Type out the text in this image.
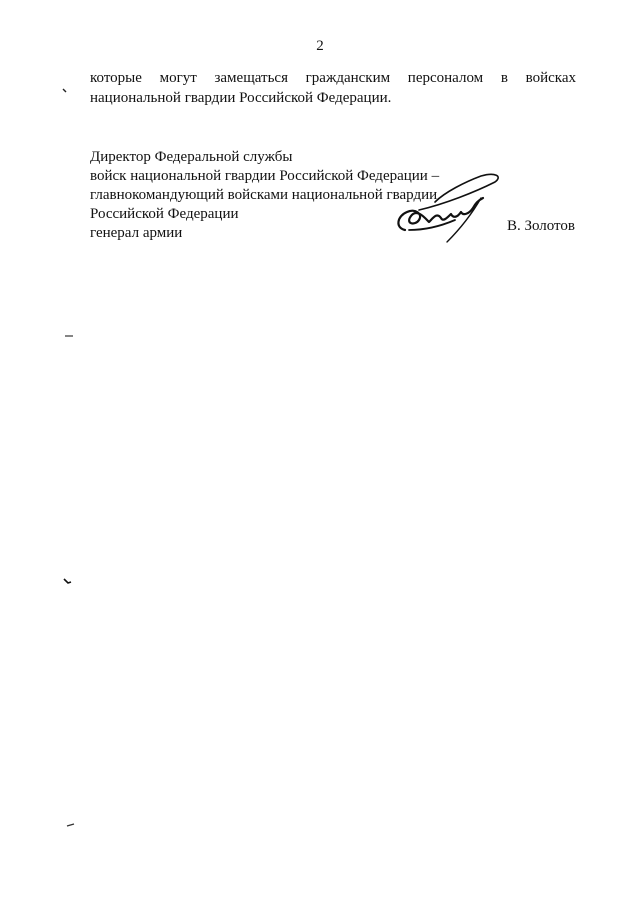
2
которые могут замещаться гражданским персоналом в войсках
национальной гвардии Российской Федерации.
Директор Федеральной службы
войск национальной гвардии Российской Федерации –
главнокомандующий войсками национальной гвардии
Российской Федерации
генерал армии	В. Золотов
